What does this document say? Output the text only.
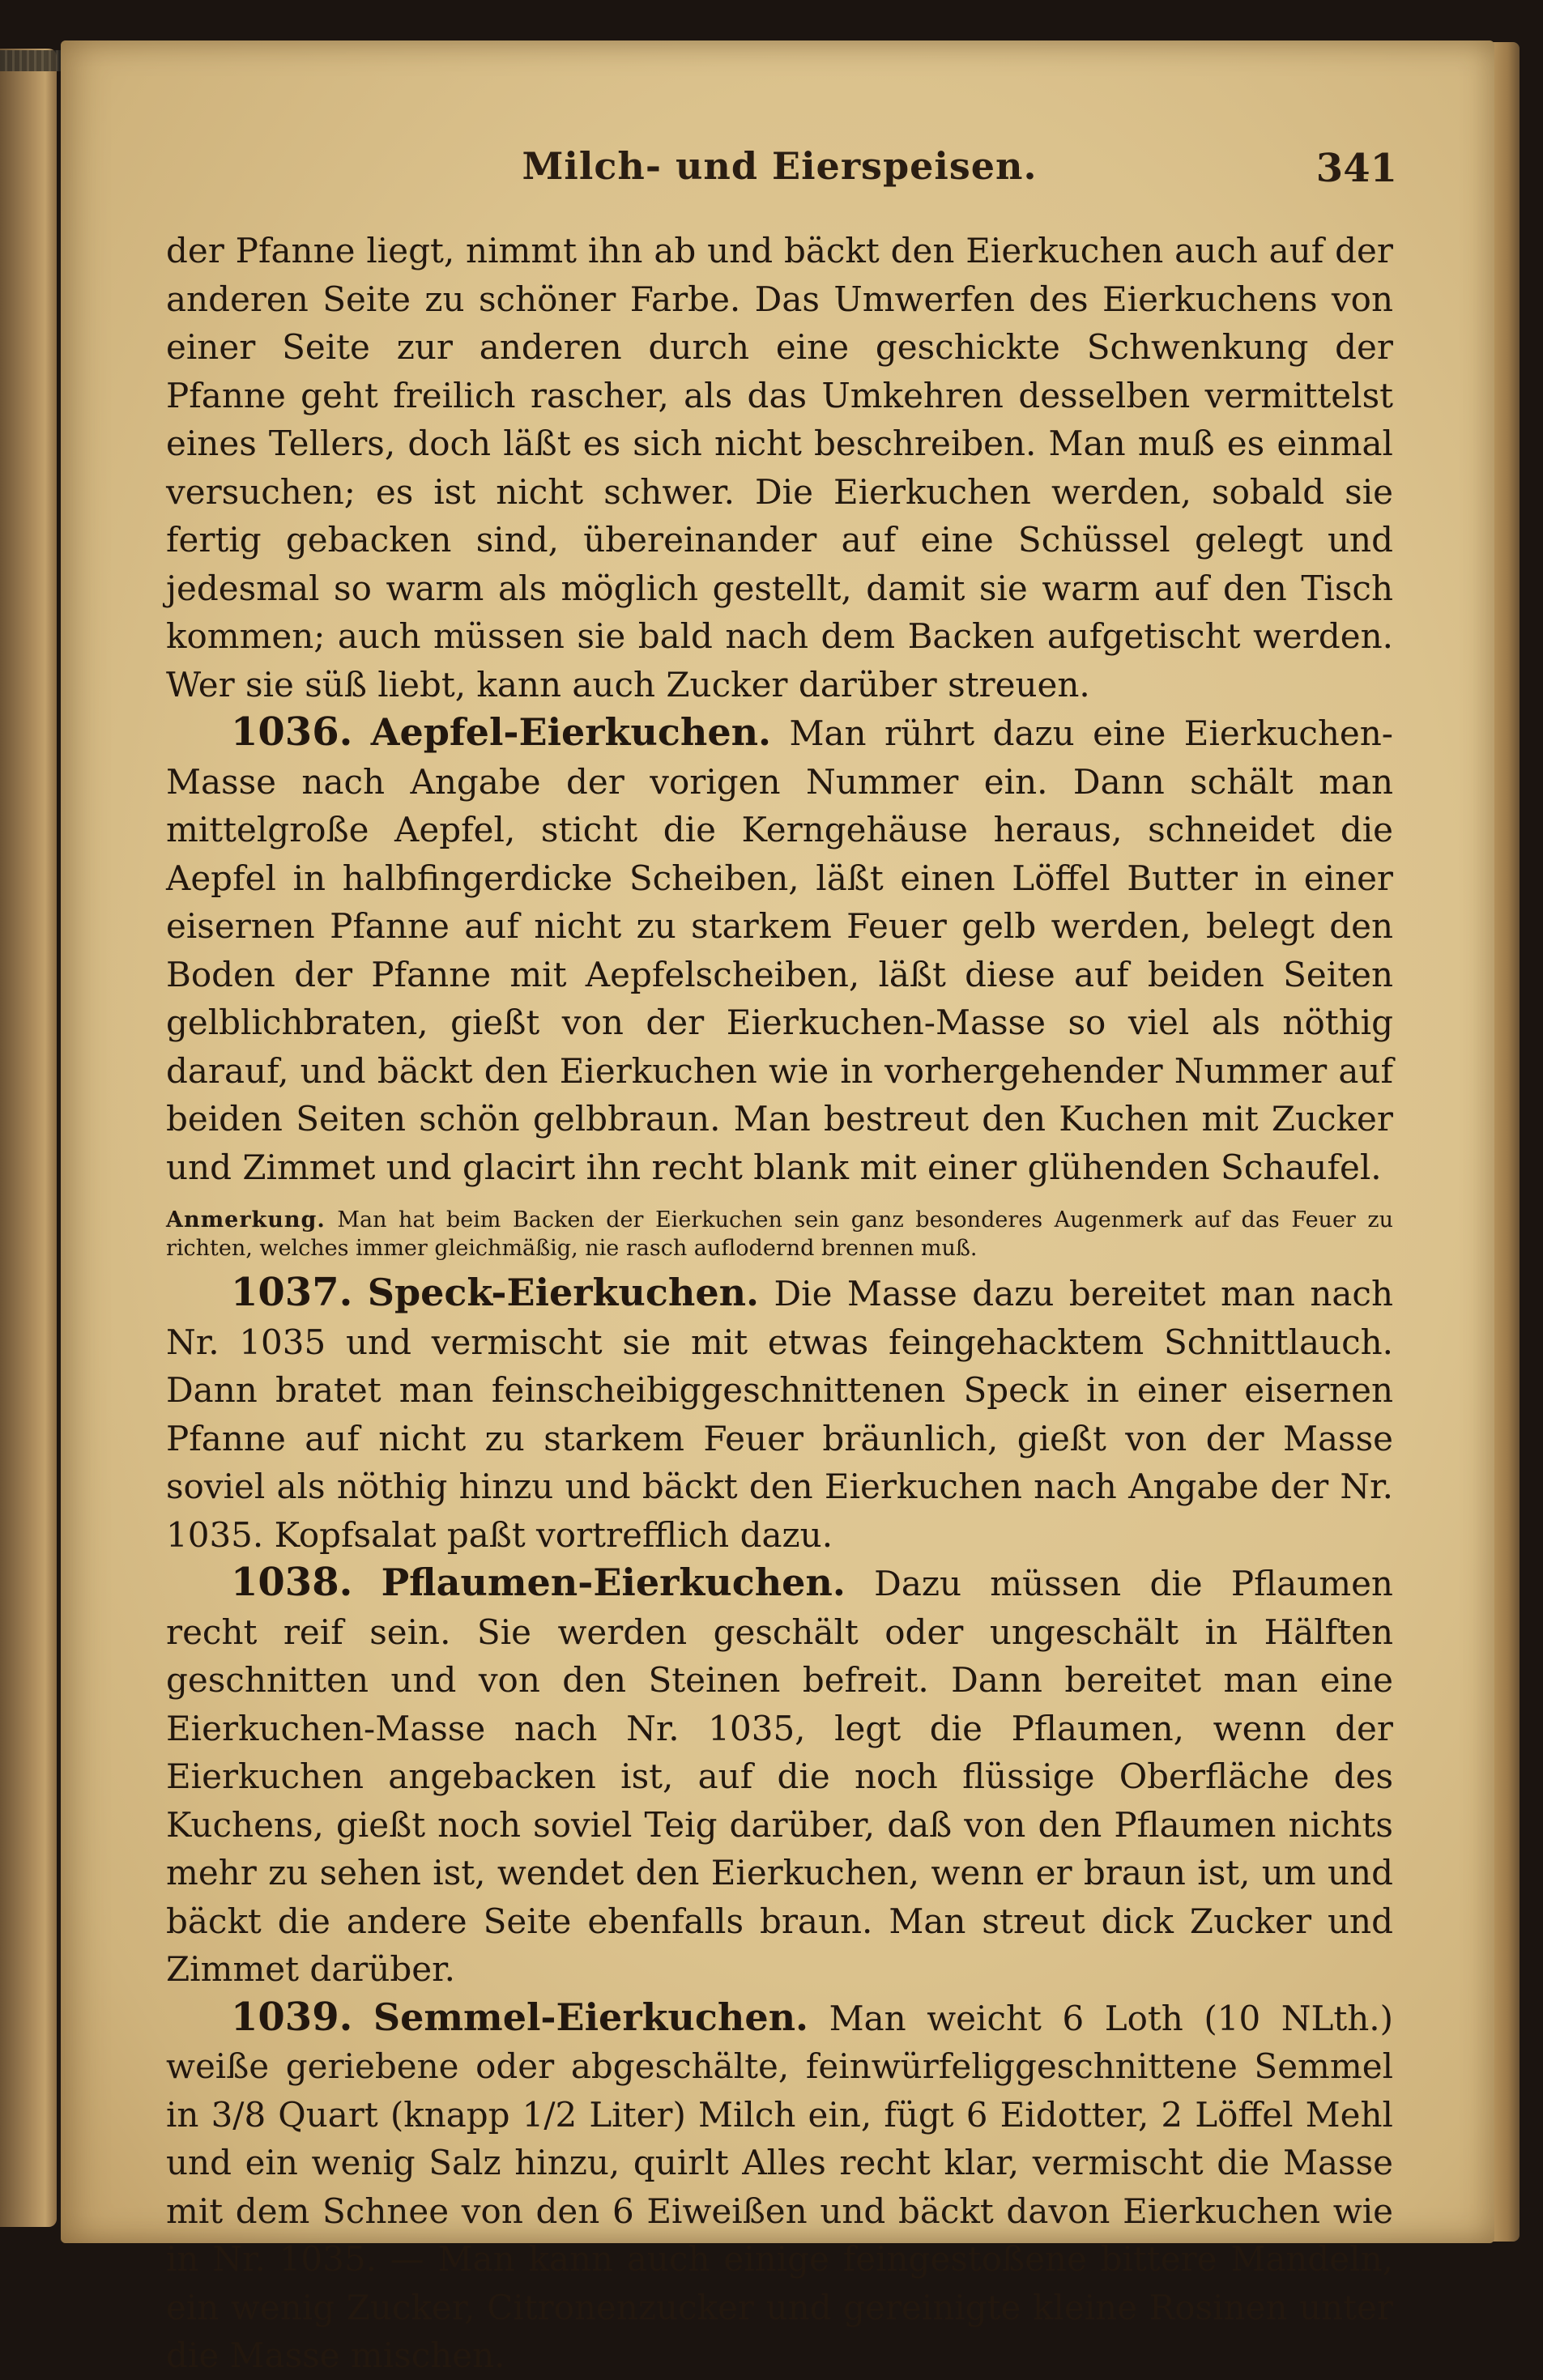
Milch- und Eierspeisen.	341

der Pfanne liegt, nimmt ihn ab und bäckt den Eierkuchen auch auf der anderen Seite zu schöner Farbe. Das Umwerfen des Eierkuchens von einer Seite zur anderen durch eine geschickte Schwenkung der Pfanne geht freilich rascher, als das Umkehren desselben vermittelst eines Tellers, doch läßt es sich nicht beschreiben. Man muß es einmal versuchen; es ist nicht schwer. Die Eierkuchen werden, sobald sie fertig gebacken sind, übereinander auf eine Schüssel gelegt und jedesmal so warm als möglich gestellt, damit sie warm auf den Tisch kommen; auch müssen sie bald nach dem Backen aufgetischt werden. Wer sie süß liebt, kann auch Zucker darüber streuen.

1036. Aepfel-Eierkuchen. Man rührt dazu eine Eierkuchen-Masse nach Angabe der vorigen Nummer ein. Dann schält man mittelgroße Aepfel, sticht die Kerngehäuse heraus, schneidet die Aepfel in halbfingerdicke Scheiben, läßt einen Löffel Butter in einer eisernen Pfanne auf nicht zu starkem Feuer gelb werden, belegt den Boden der Pfanne mit Aepfelscheiben, läßt diese auf beiden Seiten gelblichbraten, gießt von der Eierkuchen-Masse so viel als nöthig darauf, und bäckt den Eierkuchen wie in vorhergehender Nummer auf beiden Seiten schön gelbbraun. Man bestreut den Kuchen mit Zucker und Zimmet und glacirt ihn recht blank mit einer glühenden Schaufel.

Anmerkung. Man hat beim Backen der Eierkuchen sein ganz besonderes Augenmerk auf das Feuer zu richten, welches immer gleichmäßig, nie rasch auflodernd brennen muß.

1037. Speck-Eierkuchen. Die Masse dazu bereitet man nach Nr. 1035 und vermischt sie mit etwas feingehacktem Schnittlauch. Dann bratet man feinscheibiggeschnittenen Speck in einer eisernen Pfanne auf nicht zu starkem Feuer bräunlich, gießt von der Masse soviel als nöthig hinzu und bäckt den Eierkuchen nach Angabe der Nr. 1035. Kopfsalat paßt vortrefflich dazu.

1038. Pflaumen-Eierkuchen. Dazu müssen die Pflaumen recht reif sein. Sie werden geschält oder ungeschält in Hälften geschnitten und von den Steinen befreit. Dann bereitet man eine Eierkuchen-Masse nach Nr. 1035, legt die Pflaumen, wenn der Eierkuchen angebacken ist, auf die noch flüssige Oberfläche des Kuchens, gießt noch soviel Teig darüber, daß von den Pflaumen nichts mehr zu sehen ist, wendet den Eierkuchen, wenn er braun ist, um und bäckt die andere Seite ebenfalls braun. Man streut dick Zucker und Zimmet darüber.

1039. Semmel-Eierkuchen. Man weicht 6 Loth (10 NLth.) weiße geriebene oder abgeschälte, feinwürfeliggeschnittene Semmel in 3/8 Quart (knapp 1/2 Liter) Milch ein, fügt 6 Eidotter, 2 Löffel Mehl und ein wenig Salz hinzu, quirlt Alles recht klar, vermischt die Masse mit dem Schnee von den 6 Eiweißen und bäckt davon Eierkuchen wie in Nr. 1035. — Man kann auch einige feingestoßene bittere Mandeln, ein wenig Zucker, Citronenzucker und gereinigte kleine Rosinen unter die Masse mischen.
